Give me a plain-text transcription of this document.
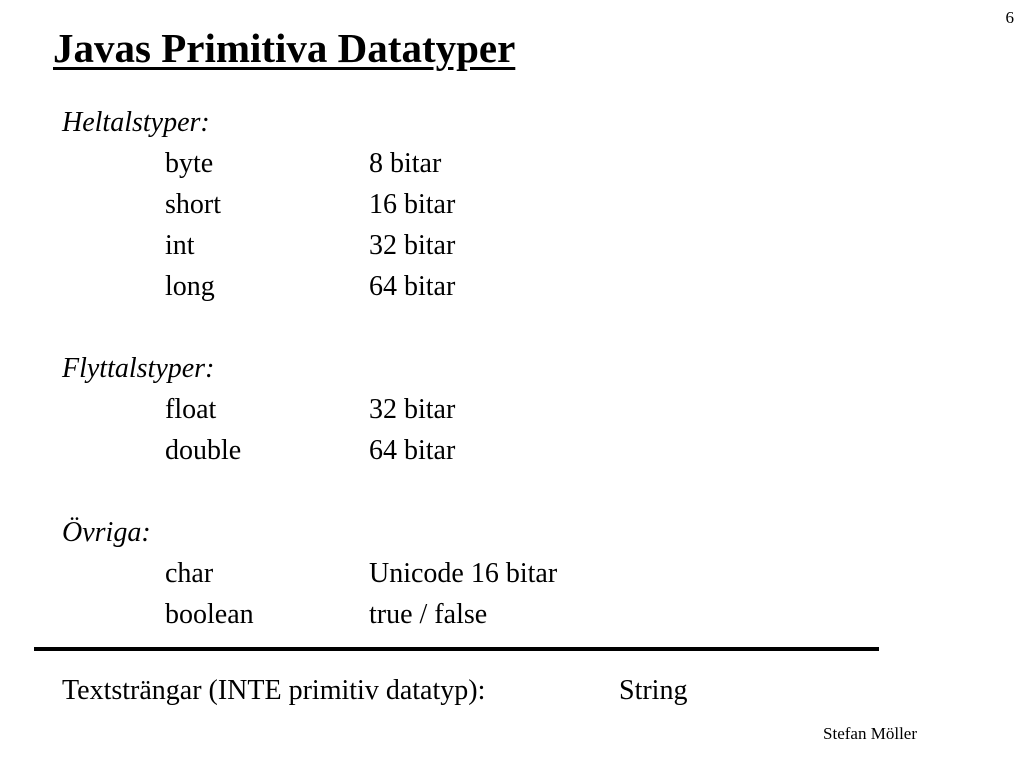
6
Javas Primitiva Datatyper
Heltalstyper:
byte	8 bitar
short	16 bitar
int	32 bitar
long	64 bitar
Flyttalstyper:
float	32 bitar
double	64 bitar
Övriga:
char	Unicode 16 bitar
boolean	true / false
Textsträngar (INTE primitiv datatyp):	String
Stefan Möller
